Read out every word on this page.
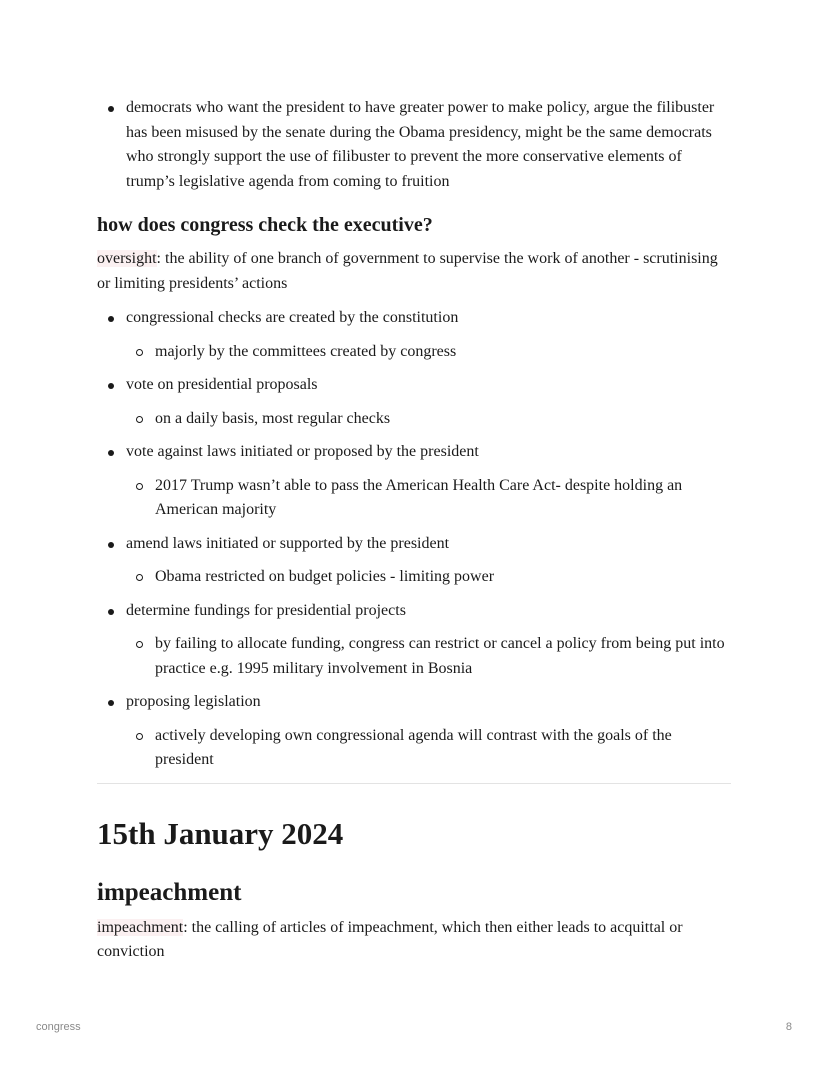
democrats who want the president to have greater power to make policy, argue the filibuster has been misused by the senate during the Obama presidency, might be the same democrats who strongly support the use of filibuster to prevent the more conservative elements of trump’s legislative agenda from coming to fruition
how does congress check the executive?

oversight: the ability of one branch of government to supervise the work of another - scrutinising or limiting presidents’ actions

congressional checks are created by the constitution
majorly by the committees created by congress
vote on presidential proposals
on a daily basis, most regular checks
vote against laws initiated or proposed by the president
2017 Trump wasn’t able to pass the American Health Care Act- despite holding an American majority
amend laws initiated or supported by the president
Obama restricted on budget policies - limiting power
determine fundings for presidential projects
by failing to allocate funding, congress can restrict or cancel a policy from being put into practice e.g. 1995 military involvement in Bosnia
proposing legislation
actively developing own congressional agenda will contrast with the goals of the president
15th January 2024
impeachment

impeachment: the calling of articles of impeachment, which then either leads to acquittal or conviction

congress	8
